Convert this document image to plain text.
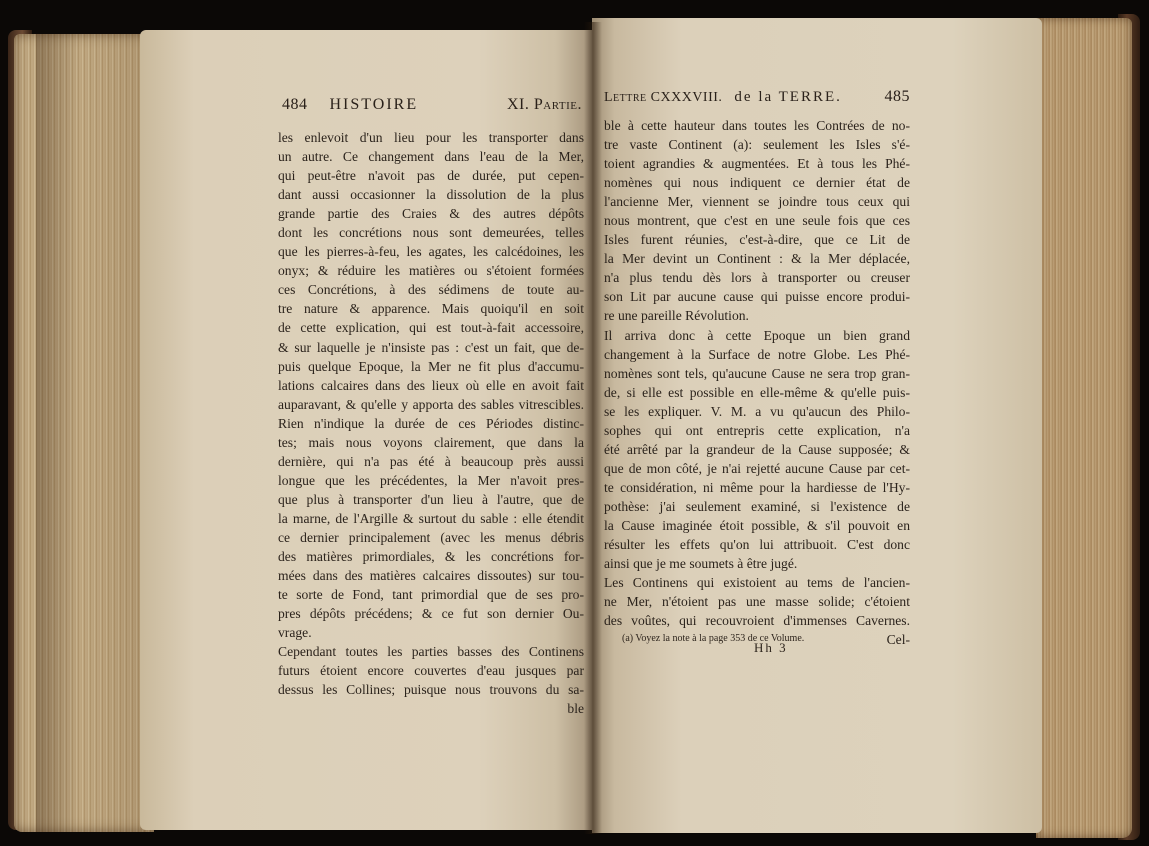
484 HISTOIRE	XI. Partie. Lettre CXXXVIII. de la TERRE.	485
les enlevoit d'un lieu pour les transporter dans
un autre. Ce changement dans l'eau de la Mer,
qui peut-être n'avoit pas de durée, put cepen-
dant aussi occasionner la dissolution de la plus
grande partie des Craies & des autres dépôts
dont les concrétions nous sont demeurées, telles
que les pierres-à-feu, les agates, les calcédoines, les
onyx; & réduire les matières ou s'étoient formées
ces Concrétions, à des sédimens de toute au-
tre nature & apparence. Mais quoiqu'il en soit
de cette explication, qui est tout-à-fait accessoire,
& sur laquelle je n'insiste pas : c'est un fait, que de-
puis quelque Epoque, la Mer ne fit plus d'accumu-
lations calcaires dans des lieux où elle en avoit fait
auparavant, & qu'elle y apporta des sables vitrescibles.
Rien n'indique la durée de ces Périodes distinc-
tes; mais nous voyons clairement, que dans la
dernière, qui n'a pas été à beaucoup près aussi
longue que les précédentes, la Mer n'avoit pres-
que plus à transporter d'un lieu à l'autre, que de
la marne, de l'Argille & surtout du sable : elle étendit
ce dernier principalement (avec les menus débris
des matières primordiales, & les concrétions for-
mées dans des matières calcaires dissoutes) sur tou-
te sorte de Fond, tant primordial que de ses pro-
pres dépôts précédens; & ce fut son dernier Ou-
vrage.
Cependant toutes les parties basses des Continens
futurs étoient encore couvertes d'eau jusques par
dessus les Collines; puisque nous trouvons du sa-
ble
ble à cette hauteur dans toutes les Contrées de no-
tre vaste Continent (a): seulement les Isles s'é-
toient agrandies & augmentées. Et à tous les Phé-
nomènes qui nous indiquent ce dernier état de
l'ancienne Mer, viennent se joindre tous ceux qui
nous montrent, que c'est en une seule fois que ces
Isles furent réunies, c'est-à-dire, que ce Lit de
la Mer devint un Continent : & la Mer déplacée,
n'a plus tendu dès lors à transporter ou creuser
son Lit par aucune cause qui puisse encore produi-
re une pareille Révolution.
Il arriva donc à cette Epoque un bien grand
changement à la Surface de notre Globe. Les Phé-
nomènes sont tels, qu'aucune Cause ne sera trop gran-
de, si elle est possible en elle-même & qu'elle puis-
se les expliquer. V. M. a vu qu'aucun des Philo-
sophes qui ont entrepris cette explication, n'a
été arrêté par la grandeur de la Cause supposée; &
que de mon côté, je n'ai rejetté aucune Cause par cet-
te considération, ni même pour la hardiesse de l'Hy-
pothèse: j'ai seulement examiné, si l'existence de
la Cause imaginée étoit possible, & s'il pouvoit en
résulter les effets qu'on lui attribuoit. C'est donc
ainsi que je me soumets à être jugé.
Les Continens qui existoient au tems de l'ancien-
ne Mer, n'étoient pas une masse solide; c'étoient
des voûtes, qui recouvroient d'immenses Cavernes.
Cel-
(a) Voyez la note à la page 353 de ce Volume.
Hh 3
